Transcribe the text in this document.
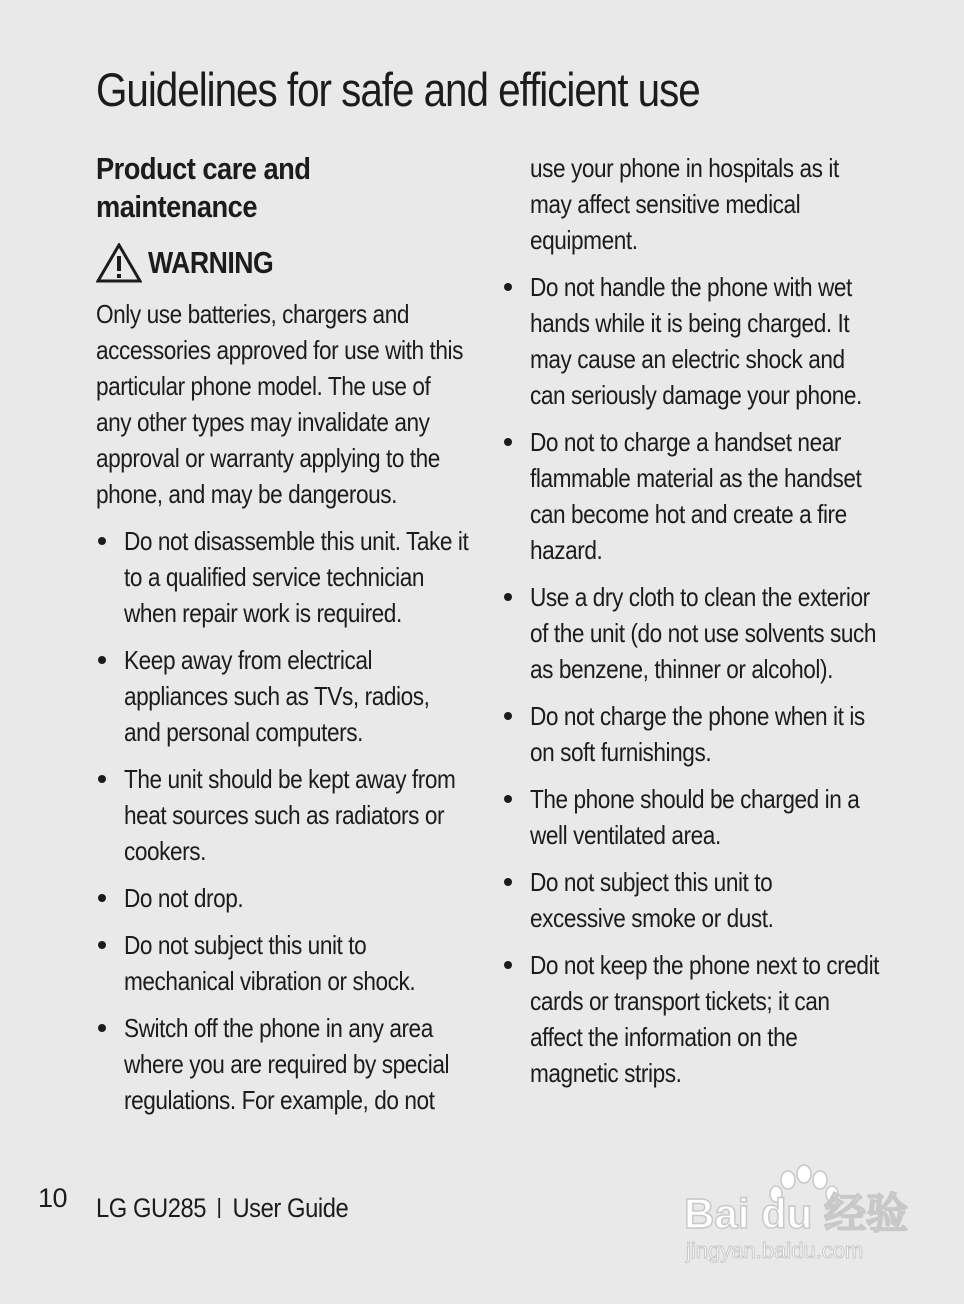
Guidelines for safe and efficient use
Product care and maintenance
WARNING

Only use batteries, chargers and accessories approved for use with this particular phone model. The use of any other types may invalidate any approval or warranty applying to the phone, and may be dangerous.

Do not disassemble this unit. Take it to a qualified service technician when repair work is required.
Keep away from electrical appliances such as TVs, radios, and personal computers.
The unit should be kept away from heat sources such as radiators or cookers.
Do not drop.
Do not subject this unit to mechanical vibration or shock.
Switch off the phone in any area where you are required by special regulations. For example, do not

use your phone in hospitals as it may affect sensitive medical equipment.

Do not handle the phone with wet hands while it is being charged. It may cause an electric shock and can seriously damage your phone.
Do not to charge a handset near flammable material as the handset can become hot and create a fire hazard.
Use a dry cloth to clean the exterior of the unit (do not use solvents such as benzene, thinner or alcohol).
Do not charge the phone when it is on soft furnishings.
The phone should be charged in a well ventilated area.
Do not subject this unit to excessive smoke or dust.
Do not keep the phone next to credit cards or transport tickets; it can affect the information on the magnetic strips.
10 LG GU285 User Guide	Bai du 经验
jingyan.baidu.com
